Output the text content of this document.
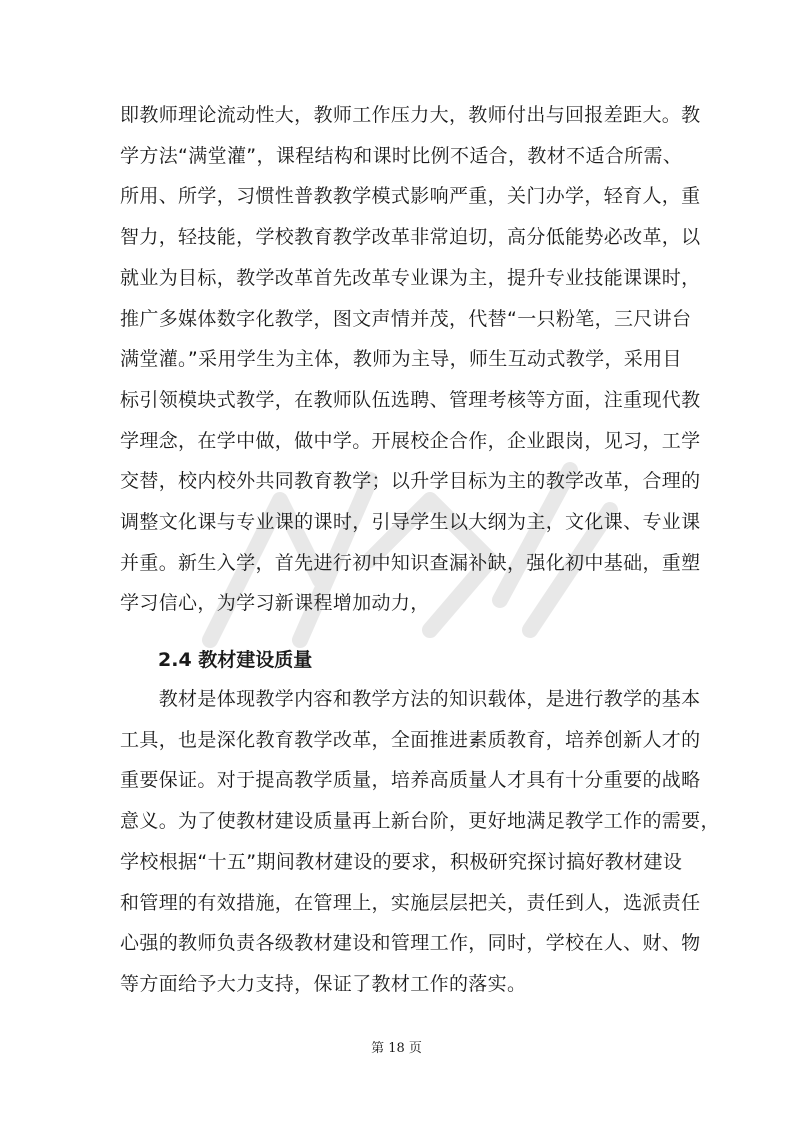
即教师理论流动性大，教师工作压力大，教师付出与回报差距大。教
学方法“满堂灌”，课程结构和课时比例不适合，教材不适合所需、
所用、所学，习惯性普教教学模式影响严重，关门办学，轻育人，重
智力，轻技能，学校教育教学改革非常迫切，高分低能势必改革，以
就业为目标，教学改革首先改革专业课为主，提升专业技能课课时，
推广多媒体数字化教学，图文声情并茂，代替“一只粉笔，三尺讲台
满堂灌。”采用学生为主体，教师为主导，师生互动式教学，采用目
标引领模块式教学，在教师队伍选聘、管理考核等方面，注重现代教
学理念，在学中做，做中学。开展校企合作，企业跟岗，见习，工学
交替，校内校外共同教育教学；以升学目标为主的教学改革，合理的
调整文化课与专业课的课时，引导学生以大纲为主，文化课、专业课
并重。新生入学，首先进行初中知识查漏补缺，强化初中基础，重塑
学习信心，为学习新课程增加动力，
2.4 教材建设质量
　　教材是体现教学内容和教学方法的知识载体，是进行教学的基本
工具，也是深化教育教学改革，全面推进素质教育，培养创新人才的
重要保证。对于提高教学质量，培养高质量人才具有十分重要的战略
意义。为了使教材建设质量再上新台阶，更好地满足教学工作的需要，
学校根据“十五”期间教材建设的要求，积极研究探讨搞好教材建设
和管理的有效措施，在管理上，实施层层把关，责任到人，选派责任
心强的教师负责各级教材建设和管理工作，同时，学校在人、财、物
等方面给予大力支持，保证了教材工作的落实。
第 18 页
